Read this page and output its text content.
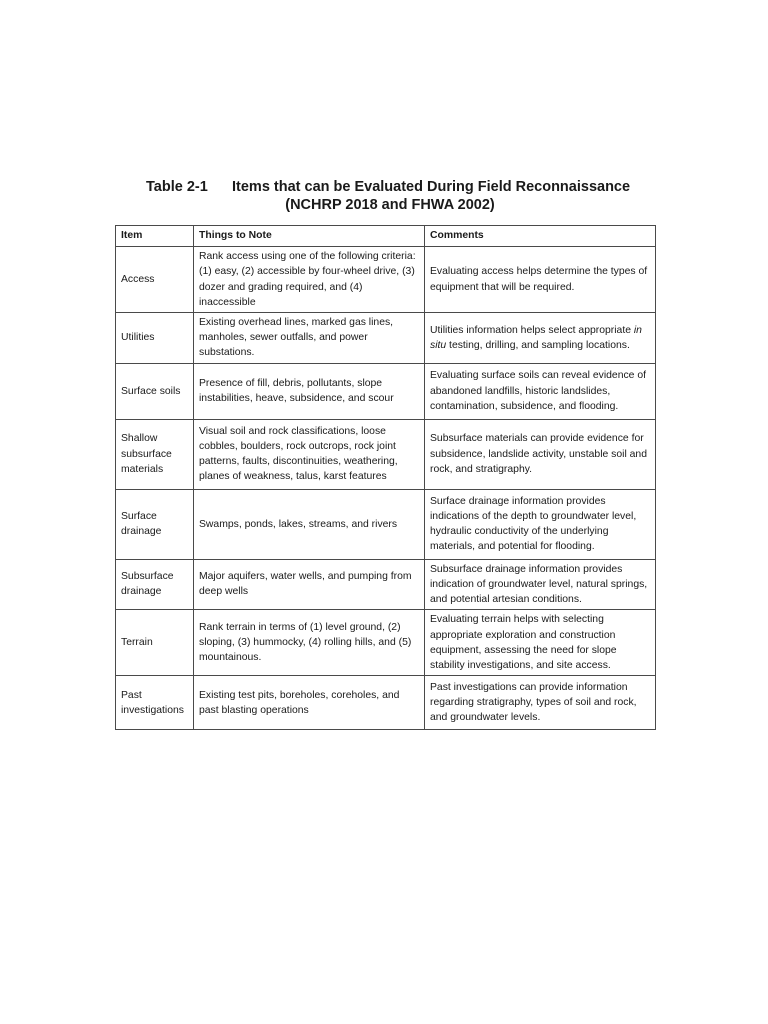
Table 2-1 Items that can be Evaluated During Field Reconnaissance
(NCHRP 2018 and FHWA 2002)
Item	Things to Note	Comments
Access	Rank access using one of the following criteria: (1) easy, (2) accessible by four-wheel drive, (3) dozer and grading required, and (4) inaccessible	Evaluating access helps determine the types of equipment that will be required.
Utilities	Existing overhead lines, marked gas lines, manholes, sewer outfalls, and power substations.	Utilities information helps select appropriate in situ testing, drilling, and sampling locations.
Surface soils	Presence of fill, debris, pollutants, slope instabilities, heave, subsidence, and scour	Evaluating surface soils can reveal evidence of abandoned landfills, historic landslides, contamination, subsidence, and flooding.
Shallow subsurface materials	Visual soil and rock classifications, loose cobbles, boulders, rock outcrops, rock joint patterns, faults, discontinuities, weathering, planes of weakness, talus, karst features	Subsurface materials can provide evidence for subsidence, landslide activity, unstable soil and rock, and stratigraphy.
Surface drainage	Swamps, ponds, lakes, streams, and rivers	Surface drainage information provides indications of the depth to groundwater level, hydraulic conductivity of the underlying materials, and potential for flooding.
Subsurface drainage	Major aquifers, water wells, and pumping from deep wells	Subsurface drainage information provides indication of groundwater level, natural springs, and potential artesian conditions.
Terrain	Rank terrain in terms of (1) level ground, (2) sloping, (3) hummocky, (4) rolling hills, and (5) mountainous.	Evaluating terrain helps with selecting appropriate exploration and construction equipment, assessing the need for slope stability investigations, and site access.
Past investigations	Existing test pits, boreholes, coreholes, and past blasting operations	Past investigations can provide information regarding stratigraphy, types of soil and rock, and groundwater levels.
